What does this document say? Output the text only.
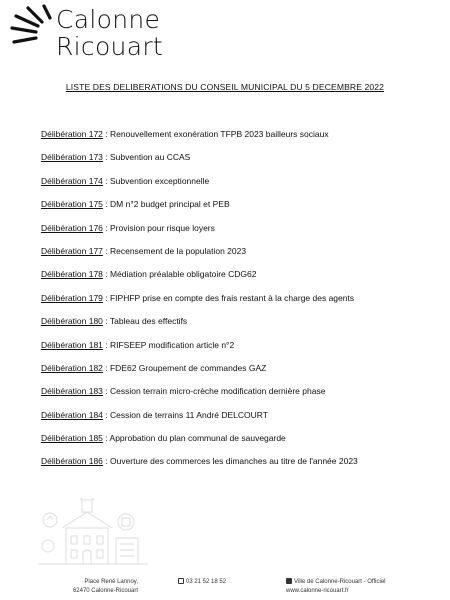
Calonne
Ricouart
LISTE DES DELIBERATIONS DU CONSEIL MUNICIPAL DU 5 DECEMBRE 2022
Délibération 172 : Renouvellement exonération TFPB 2023 bailleurs sociaux
Délibération 173 : Subvention au CCAS
Délibération 174 : Subvention exceptionnelle
Délibération 175 : DM n°2 budget principal et PEB
Délibération 176 : Provision pour risque loyers
Délibération 177 : Recensement de la population 2023
Délibération 178 : Médiation préalable obligatoire CDG62
Délibération 179 : FIPHFP prise en compte des frais restant à la charge des agents
Délibération 180 : Tableau des effectifs
Délibération 181 : RIFSEEP modification article n°2
Délibération 182 : FDE62 Groupement de commandes GAZ
Délibération 183 : Cession terrain micro-crèche modification dernière phase
Délibération 184 : Cession de terrains 11 André DELCOURT
Délibération 185 : Approbation du plan communal de sauvegarde
Délibération 186 : Ouverture des commerces les dimanches au titre de l'année 2023
Place René Lannoy,
62470 Calonne-Ricouart
03 21 52 18 52	Ville de Calonne-Ricouart - Officiel
www.calonne-ricouart.fr
